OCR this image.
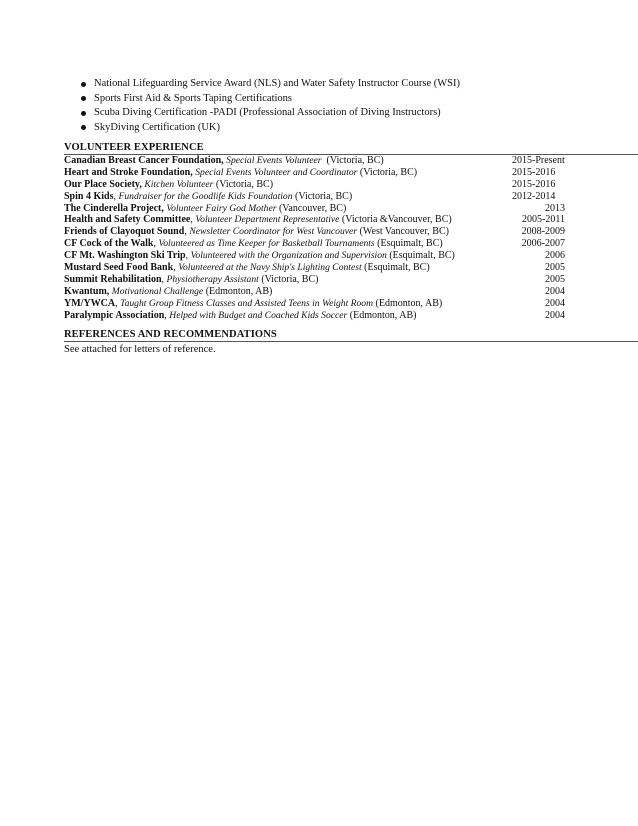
National Lifeguarding Service Award (NLS) and Water Safety Instructor Course (WSI)
Sports First Aid & Sports Taping Certifications
Scuba Diving Certification -PADI (Professional Association of Diving Instructors)
SkyDiving Certification (UK)
VOLUNTEER EXPERIENCE
Canadian Breast Cancer Foundation, Special Events Volunteer  (Victoria, BC)	2015-Present
Heart and Stroke Foundation, Special Events Volunteer and Coordinator (Victoria, BC)	2015-2016
Our Place Society, Kitchen Volunteer (Victoria, BC)	2015-2016
Spin 4 Kids, Fundraiser for the Goodlife Kids Foundation (Victoria, BC)	2012-2014
The Cinderella Project, Volunteer Fairy God Mother (Vancouver, BC)	2013
Health and Safety Committee, Volunteer Department Representative (Victoria &Vancouver, BC)	2005-2011
Friends of Clayoquot Sound, Newsletter Coordinator for West Vancouver (West Vancouver, BC)	2008-2009
CF Cock of the Walk, Volunteered as Time Keeper for Basketball Tournaments (Esquimalt, BC)	2006-2007
CF Mt. Washington Ski Trip, Volunteered with the Organization and Supervision (Esquimalt, BC)	2006
Mustard Seed Food Bank, Volunteered at the Navy Ship's Lighting Contest (Esquimalt, BC)	2005
Summit Rehabilitation, Physiotherapy Assistant (Victoria, BC)	2005
Kwantum, Motivational Challenge (Edmonton, AB)	2004
YM/YWCA, Taught Group Fitness Classes and Assisted Teens in Weight Room (Edmonton, AB)	2004
Paralympic Association, Helped with Budget and Coached Kids Soccer (Edmonton, AB)	2004
REFERENCES AND RECOMMENDATIONS
See attached for letters of reference.
